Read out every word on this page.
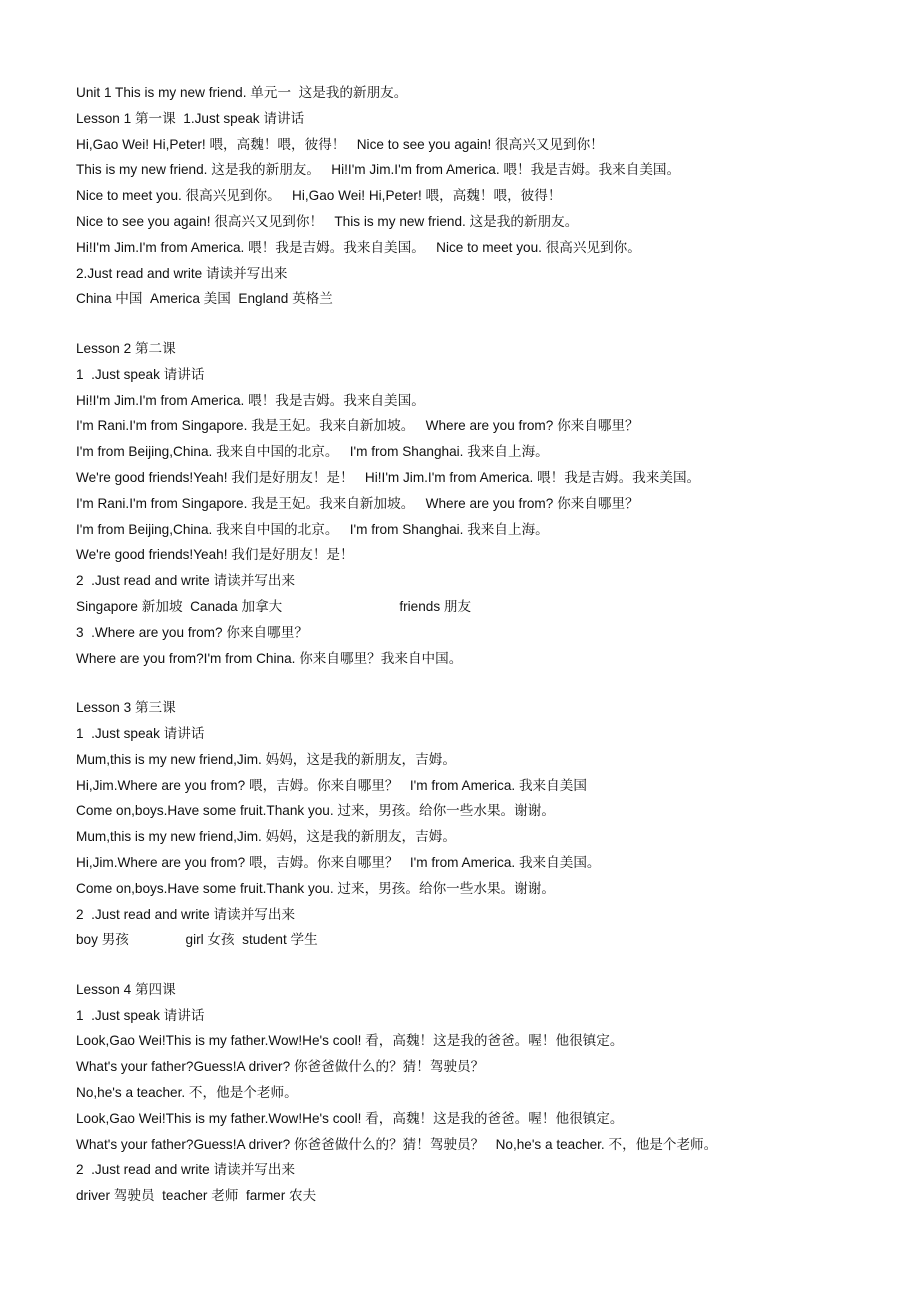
Unit 1 This is my new friend. 单元一  这是我的新朋友。
Lesson 1 第一课  1.Just speak 请讲话
Hi,Gao Wei! Hi,Peter! 喂，高魏！喂，彼得！   Nice to see you again! 很高兴又见到你！
This is my new friend. 这是我的新朋友。   Hi!I'm Jim.I'm from America. 喂！我是吉姆。我来自美国。
Nice to meet you. 很高兴见到你。   Hi,Gao Wei! Hi,Peter! 喂，高魏！喂，彼得！
Nice to see you again! 很高兴又见到你！   This is my new friend. 这是我的新朋友。
Hi!I'm Jim.I'm from America. 喂！我是吉姆。我来自美国。   Nice to meet you. 很高兴见到你。
2.Just read and write 请读并写出来
China 中国  America 美国  England 英格兰
Lesson 2 第二课
1  .Just speak 请讲话
Hi!I'm Jim.I'm from America. 喂！我是吉姆。我来自美国。
I'm Rani.I'm from Singapore. 我是王妃。我来自新加坡。   Where are you from? 你来自哪里？
I'm from Beijing,China. 我来自中国的北京。   I'm from Shanghai. 我来自上海。
We're good friends!Yeah! 我们是好朋友！是！   Hi!I'm Jim.I'm from America. 喂！我是吉姆。我来美国。
I'm Rani.I'm from Singapore. 我是王妃。我来自新加坡。   Where are you from? 你来自哪里？
I'm from Beijing,China. 我来自中国的北京。   I'm from Shanghai. 我来自上海。
We're good friends!Yeah! 我们是好朋友！是！
2  .Just read and write 请读并写出来
Singapore 新加坡  Canada 加拿大                               friends 朋友
3  .Where are you from? 你来自哪里？
Where are you from?I'm from China. 你来自哪里？我来自中国。
Lesson 3 第三课
1  .Just speak 请讲话
Mum,this is my new friend,Jim. 妈妈，这是我的新朋友，吉姆。
Hi,Jim.Where are you from? 喂，吉姆。你来自哪里？   I'm from America. 我来自美国
Come on,boys.Have some fruit.Thank you. 过来，男孩。给你一些水果。谢谢。
Mum,this is my new friend,Jim. 妈妈，这是我的新朋友，吉姆。
Hi,Jim.Where are you from? 喂，吉姆。你来自哪里？   I'm from America. 我来自美国。
Come on,boys.Have some fruit.Thank you. 过来，男孩。给你一些水果。谢谢。
2  .Just read and write 请读并写出来
boy 男孩               girl 女孩  student 学生
Lesson 4 第四课
1  .Just speak 请讲话
Look,Gao Wei!This is my father.Wow!He's cool! 看，高魏！这是我的爸爸。喔！他很镇定。
What's your father?Guess!A driver? 你爸爸做什么的？猜！驾驶员？
No,he's a teacher. 不，他是个老师。
Look,Gao Wei!This is my father.Wow!He's cool! 看，高魏！这是我的爸爸。喔！他很镇定。
What's your father?Guess!A driver? 你爸爸做什么的？猜！驾驶员？   No,he's a teacher. 不，他是个老师。
2  .Just read and write 请读并写出来
driver 驾驶员  teacher 老师  farmer 农夫
